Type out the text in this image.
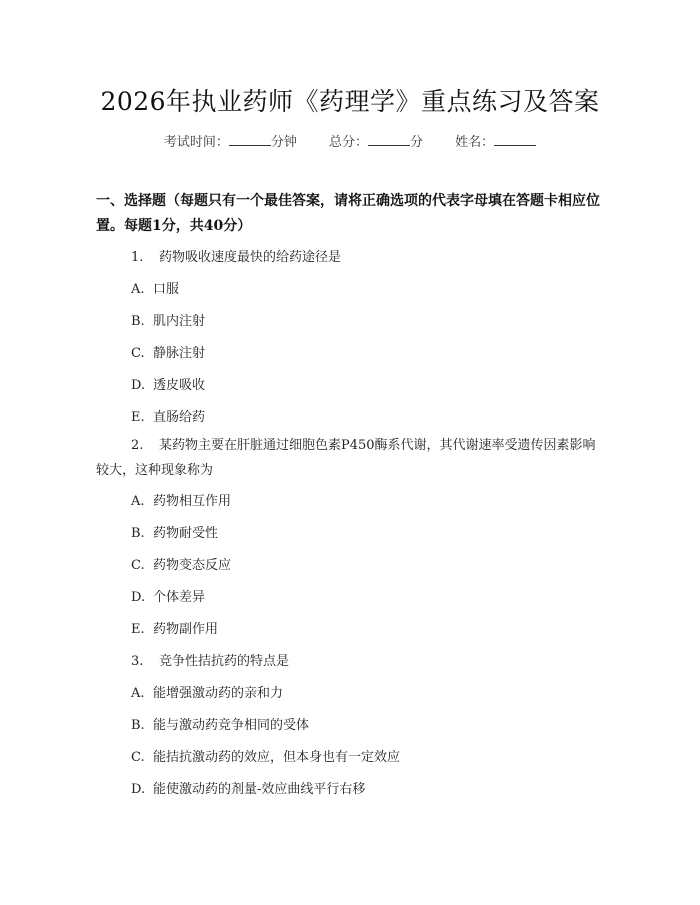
2026年执业药师《药理学》重点练习及答案
考试时间：	分钟 总分：	分 姓名：
一、选择题（每题只有一个最佳答案，请将正确选项的代表字母填在答题卡相应位置。每题1分，共40分）
1. 药物吸收速度最快的给药途径是
A. 口服
B. 肌内注射
C. 静脉注射
D. 透皮吸收
E. 直肠给药
2. 某药物主要在肝脏通过细胞色素P450酶系代谢，其代谢速率受遗传因素影响较大，这种现象称为
A. 药物相互作用
B. 药物耐受性
C. 药物变态反应
D. 个体差异
E. 药物副作用
3. 竞争性拮抗药的特点是
A. 能增强激动药的亲和力
B. 能与激动药竞争相同的受体
C. 能拮抗激动药的效应，但本身也有一定效应
D. 能使激动药的剂量-效应曲线平行右移
